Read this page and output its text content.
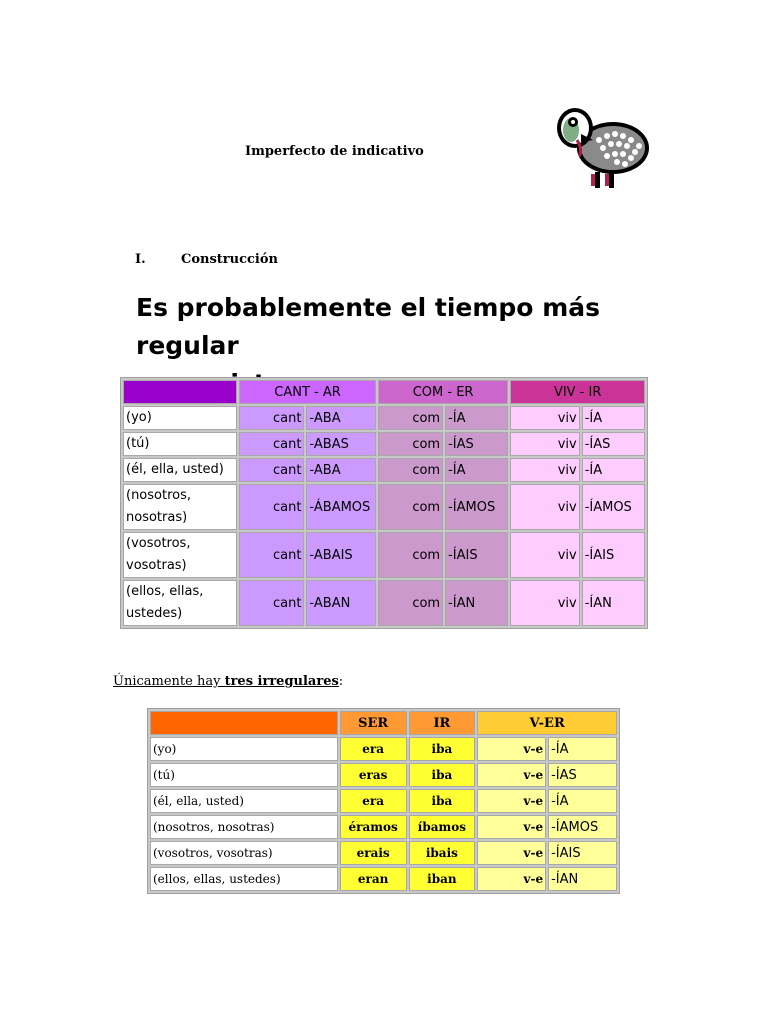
Imperfecto de indicativo
I.	Construcción
Es probablemente el tiempo más regular
	CANT - AR		COM - ER		VIV - IR	
(yo)	cant	-ABA	com	-ÍA	viv	-ÍA
(tú)	cant	-ABAS	com	-ÍAS	viv	-ÍAS
(él, ella, usted)	cant	-ABA	com	-ÍA	viv	-ÍA
(nosotros, nosotras)	cant	-ÁBAMOS	com	-ÍAMOS	viv	-ÍAMOS
(vosotros, vosotras)	cant	-ABAIS	com	-ÍAIS	viv	-ÍAIS
(ellos, ellas, ustedes)	cant	-ABAN	com	-ÍAN	viv	-ÍAN
Únicamente hay tres irregulares:
	SER	IR	V-ER	
(yo)	era	iba	v-e	-ÍA
(tú)	eras	iba	v-e	-ÍAS
(él, ella, usted)	era	iba	v-e	-ÍA
(nosotros, nosotras)	éramos	íbamos	v-e	-ÍAMOS
(vosotros, vosotras)	erais	ibais	v-e	-ÍAIS
(ellos, ellas, ustedes)	eran	iban	v-e	-ÍAN
